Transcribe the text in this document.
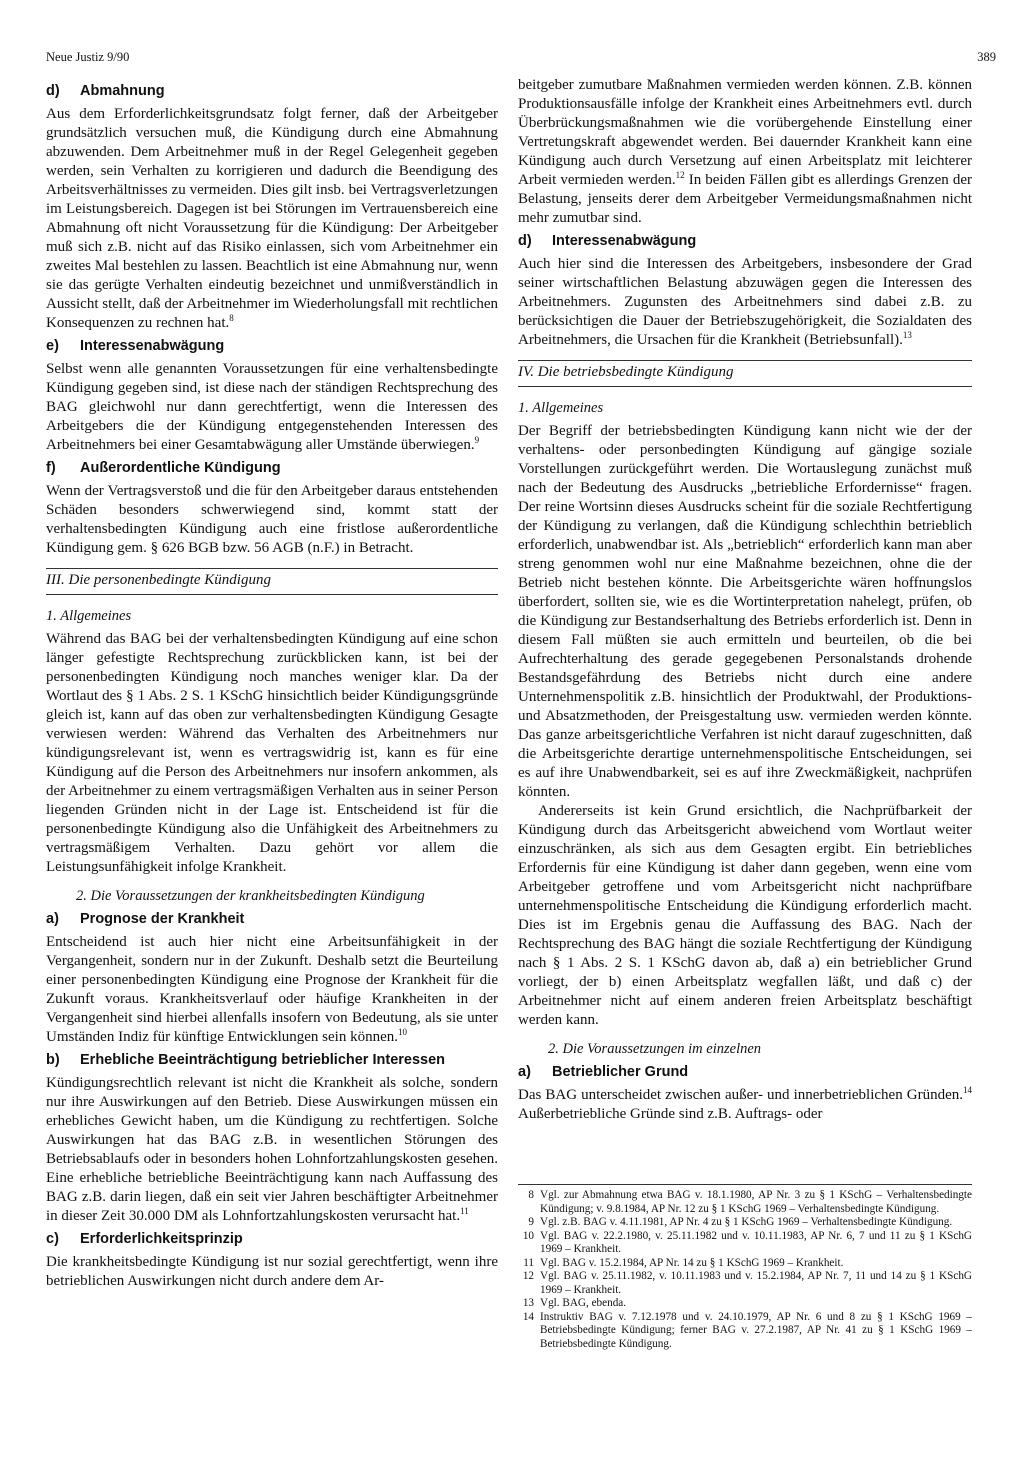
Neue Justiz 9/90	389
d) Abmahnung

Aus dem Erforderlichkeitsgrundsatz folgt ferner, daß der Arbeitgeber grundsätzlich versuchen muß, die Kündigung durch eine Abmahnung abzuwenden. Dem Arbeitnehmer muß in der Regel Gelegenheit gegeben werden, sein Verhalten zu korrigieren und dadurch die Beendigung des Arbeitsverhältnisses zu vermeiden. Dies gilt insb. bei Vertragsverletzungen im Leistungsbereich. Dagegen ist bei Störungen im Vertrauensbereich eine Abmahnung oft nicht Voraussetzung für die Kündigung: Der Arbeitgeber muß sich z.B. nicht auf das Risiko einlassen, sich vom Arbeitnehmer ein zweites Mal bestehlen zu lassen. Beachtlich ist eine Abmahnung nur, wenn sie das gerügte Verhalten eindeutig bezeichnet und unmißverständlich in Aussicht stellt, daß der Arbeitnehmer im Wiederholungsfall mit rechtlichen Konsequenzen zu rechnen hat.$^8$

e) Interessenabwägung

Selbst wenn alle genannten Voraussetzungen für eine verhaltensbedingte Kündigung gegeben sind, ist diese nach der ständigen Rechtsprechung des BAG gleichwohl nur dann gerechtfertigt, wenn die Interessen des Arbeitgebers die der Kündigung entgegenstehenden Interessen des Arbeitnehmers bei einer Gesamtabwägung aller Umstände überwiegen.$^9$

f) Außerordentliche Kündigung

Wenn der Vertragsverstoß und die für den Arbeitgeber daraus entstehenden Schäden besonders schwerwiegend sind, kommt statt der verhaltensbedingten Kündigung auch eine fristlose außerordentliche Kündigung gem. § 626 BGB bzw. 56 AGB (n.F.) in Betracht.

III. Die personenbedingte Kündigung
1. Allgemeines

Während das BAG bei der verhaltensbedingten Kündigung auf eine schon länger gefestigte Rechtsprechung zurückblicken kann, ist bei der personenbedingten Kündigung noch manches weniger klar. Da der Wortlaut des § 1 Abs. 2 S. 1 KSchG hinsichtlich beider Kündigungsgründe gleich ist, kann auf das oben zur verhaltensbedingten Kündigung Gesagte verwiesen werden: Während das Verhalten des Arbeitnehmers nur kündigungsrelevant ist, wenn es vertragswidrig ist, kann es für eine Kündigung auf die Person des Arbeitnehmers nur insofern ankommen, als der Arbeitnehmer zu einem vertragsmäßigen Verhalten aus in seiner Person liegenden Gründen nicht in der Lage ist. Entscheidend ist für die personenbedingte Kündigung also die Unfähigkeit des Arbeitnehmers zu vertragsmäßigem Verhalten. Dazu gehört vor allem die Leistungsunfähigkeit infolge Krankheit.

2. Die Voraussetzungen der krankheitsbedingten Kündigung
a) Prognose der Krankheit

Entscheidend ist auch hier nicht eine Arbeitsunfähigkeit in der Vergangenheit, sondern nur in der Zukunft. Deshalb setzt die Beurteilung einer personenbedingten Kündigung eine Prognose der Krankheit für die Zukunft voraus. Krankheitsverlauf oder häufige Krankheiten in der Vergangenheit sind hierbei allenfalls insofern von Bedeutung, als sie unter Umständen Indiz für künftige Entwicklungen sein können.$^{10}$

b) Erhebliche Beeinträchtigung betrieblicher Interessen

Kündigungsrechtlich relevant ist nicht die Krankheit als solche, sondern nur ihre Auswirkungen auf den Betrieb. Diese Auswirkungen müssen ein erhebliches Gewicht haben, um die Kündigung zu rechtfertigen. Solche Auswirkungen hat das BAG z.B. in wesentlichen Störungen des Betriebsablaufs oder in besonders hohen Lohnfortzahlungskosten gesehen. Eine erhebliche betriebliche Beeinträchtigung kann nach Auffassung des BAG z.B. darin liegen, daß ein seit vier Jahren beschäftigter Arbeitnehmer in dieser Zeit 30.000 DM als Lohnfortzahlungskosten verursacht hat.$^{11}$

c) Erforderlichkeitsprinzip

Die krankheitsbedingte Kündigung ist nur sozial gerechtfertigt, wenn ihre betrieblichen Auswirkungen nicht durch andere dem Ar-

beitgeber zumutbare Maßnahmen vermieden werden können. Z.B. können Produktionsausfälle infolge der Krankheit eines Arbeitnehmers evtl. durch Überbrückungsmaßnahmen wie die vorübergehende Einstellung einer Vertretungskraft abgewendet werden. Bei dauernder Krankheit kann eine Kündigung auch durch Versetzung auf einen Arbeitsplatz mit leichterer Arbeit vermieden werden.$^{12}$ In beiden Fällen gibt es allerdings Grenzen der Belastung, jenseits derer dem Arbeitgeber Vermeidungsmaßnahmen nicht mehr zumutbar sind.

d) Interessenabwägung

Auch hier sind die Interessen des Arbeitgebers, insbesondere der Grad seiner wirtschaftlichen Belastung abzuwägen gegen die Interessen des Arbeitnehmers. Zugunsten des Arbeitnehmers sind dabei z.B. zu berücksichtigen die Dauer der Betriebszugehörigkeit, die Sozialdaten des Arbeitnehmers, die Ursachen für die Krankheit (Betriebsunfall).$^{13}$

IV. Die betriebsbedingte Kündigung
1. Allgemeines

Der Begriff der betriebsbedingten Kündigung kann nicht wie der der verhaltens- oder personbedingten Kündigung auf gängige soziale Vorstellungen zurückgeführt werden. Die Wortauslegung zunächst muß nach der Bedeutung des Ausdrucks „betriebliche Erfordernisse“ fragen. Der reine Wortsinn dieses Ausdrucks scheint für die soziale Rechtfertigung der Kündigung zu verlangen, daß die Kündigung schlechthin betrieblich erforderlich, unabwendbar ist. Als „betrieblich“ erforderlich kann man aber streng genommen wohl nur eine Maßnahme bezeichnen, ohne die der Betrieb nicht bestehen könnte. Die Arbeitsgerichte wären hoffnungslos überfordert, sollten sie, wie es die Wortinterpretation nahelegt, prüfen, ob die Kündigung zur Bestandserhaltung des Betriebs erforderlich ist. Denn in diesem Fall müßten sie auch ermitteln und beurteilen, ob die bei Aufrechterhaltung des gerade gegegebenen Personalstands drohende Bestandsgefährdung des Betriebs nicht durch eine andere Unternehmenspolitik z.B. hinsichtlich der Produktwahl, der Produktions- und Absatzmethoden, der Preisgestaltung usw. vermieden werden könnte. Das ganze arbeitsgerichtliche Verfahren ist nicht darauf zugeschnitten, daß die Arbeitsgerichte derartige unternehmenspolitische Entscheidungen, sei es auf ihre Unabwendbarkeit, sei es auf ihre Zweckmäßigkeit, nachprüfen könnten.

Andererseits ist kein Grund ersichtlich, die Nachprüfbarkeit der Kündigung durch das Arbeitsgericht abweichend vom Wortlaut weiter einzuschränken, als sich aus dem Gesagten ergibt. Ein betriebliches Erfordernis für eine Kündigung ist daher dann gegeben, wenn eine vom Arbeitgeber getroffene und vom Arbeitsgericht nicht nachprüfbare unternehmenspolitische Entscheidung die Kündigung erforderlich macht. Dies ist im Ergebnis genau die Auffassung des BAG. Nach der Rechtsprechung des BAG hängt die soziale Rechtfertigung der Kündigung nach § 1 Abs. 2 S. 1 KSchG davon ab, daß a) ein betrieblicher Grund vorliegt, der b) einen Arbeitsplatz wegfallen läßt, und daß c) der Arbeitnehmer nicht auf einem anderen freien Arbeitsplatz beschäftigt werden kann.

2. Die Voraussetzungen im einzelnen
a) Betrieblicher Grund

Das BAG unterscheidet zwischen außer- und innerbetrieblichen Gründen.$^{14}$ Außerbetriebliche Gründe sind z.B. Auftrags- oder

8 Vgl. zur Abmahnung etwa BAG v. 18.1.1980, AP Nr. 3 zu § 1 KSchG – Verhaltensbedingte Kündigung; v. 9.8.1984, AP Nr. 12 zu § 1 KSchG 1969 – Verhaltensbedingte Kündigung.
9 Vgl. z.B. BAG v. 4.11.1981, AP Nr. 4 zu § 1 KSchG 1969 – Verhaltensbedingte Kündigung.
10 Vgl. BAG v. 22.2.1980, v. 25.11.1982 und v. 10.11.1983, AP Nr. 6, 7 und 11 zu § 1 KSchG 1969 – Krankheit.
11 Vgl. BAG v. 15.2.1984, AP Nr. 14 zu § 1 KSchG 1969 – Krankheit.
12 Vgl. BAG v. 25.11.1982, v. 10.11.1983 und v. 15.2.1984, AP Nr. 7, 11 und 14 zu § 1 KSchG 1969 – Krankheit.
13 Vgl. BAG, ebenda.
14 Instruktiv BAG v. 7.12.1978 und v. 24.10.1979, AP Nr. 6 und 8 zu § 1 KSchG 1969 – Betriebsbedingte Kündigung; ferner BAG v. 27.2.1987, AP Nr. 41 zu § 1 KSchG 1969 – Betriebsbedingte Kündigung.
